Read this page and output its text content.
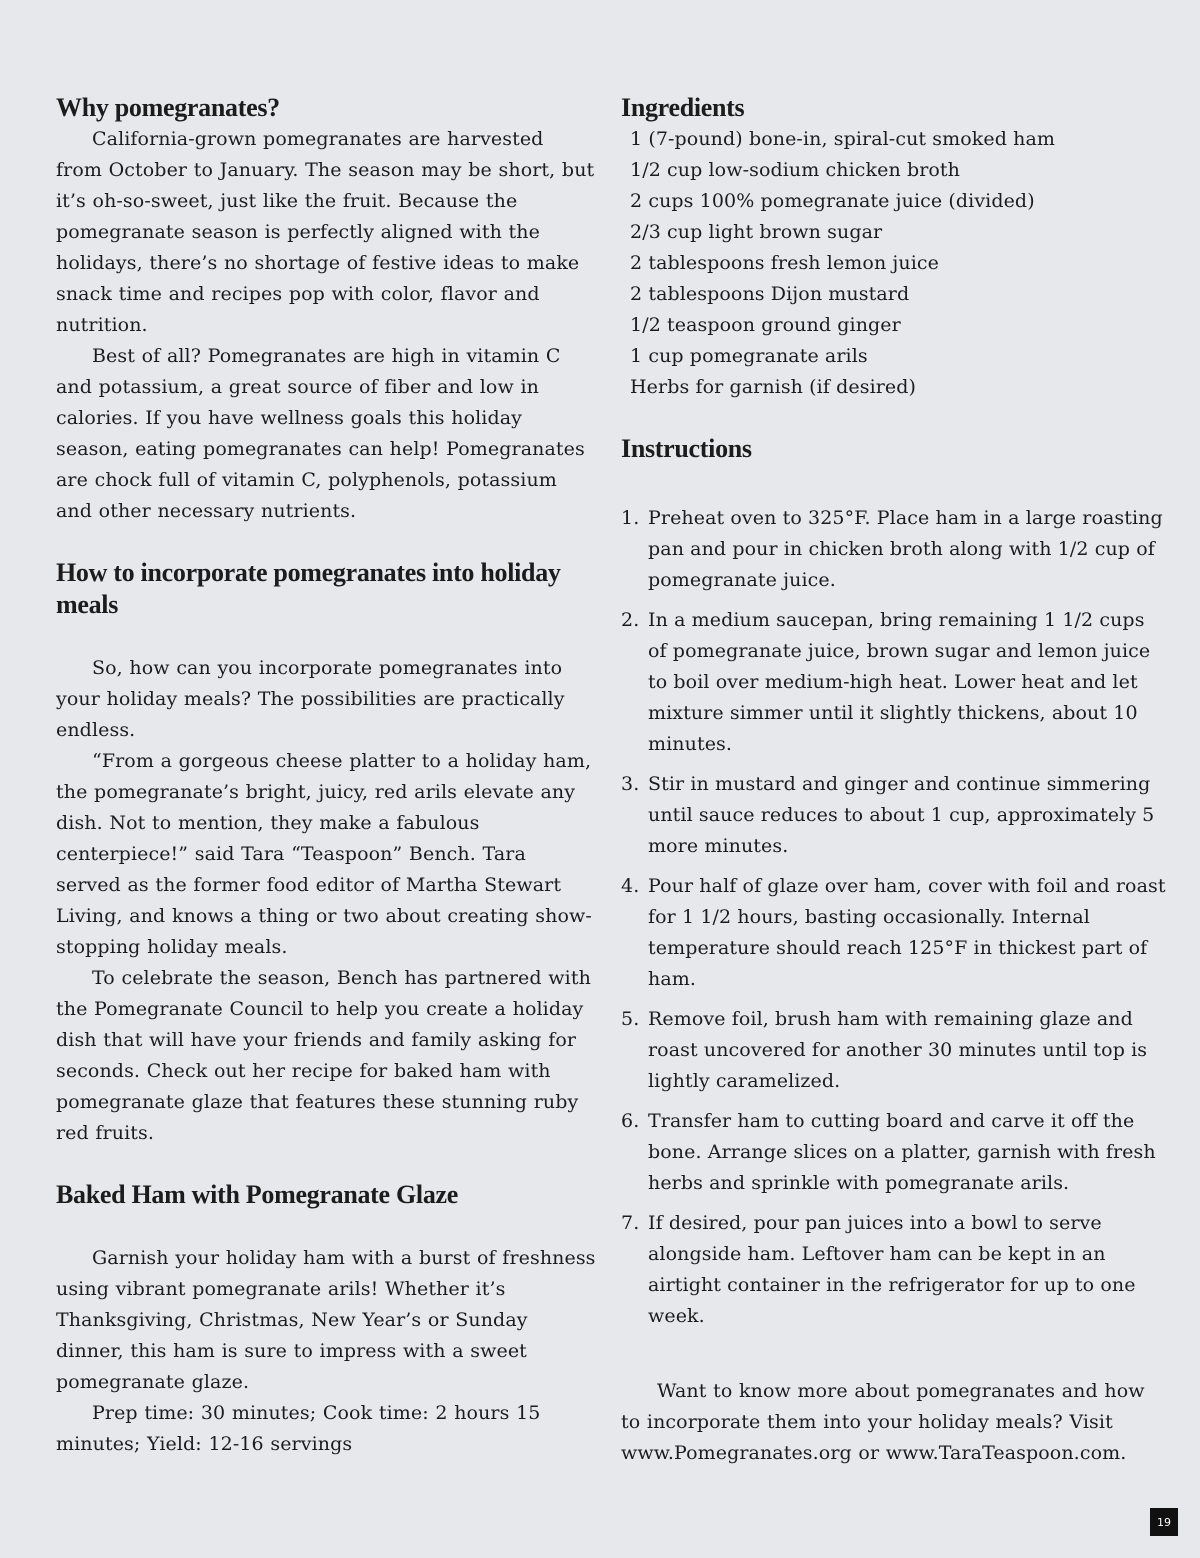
Why pomegranates?

California-grown pomegranates are harvested from October to January. The season may be short, but it’s oh-so-sweet, just like the fruit. Because the pomegranate season is perfectly aligned with the holidays, there’s no shortage of festive ideas to make snack time and recipes pop with color, flavor and nutrition.

Best of all? Pomegranates are high in vitamin C and potassium, a great source of fiber and low in calories. If you have wellness goals this holiday season, eating pomegranates can help! Pomegranates are chock full of vitamin C, polyphenols, potassium and other necessary nutrients.

How to incorporate pomegranates into holiday meals

So, how can you incorporate pomegranates into your holiday meals? The possibilities are practically endless.

“From a gorgeous cheese platter to a holiday ham, the pomegranate’s bright, juicy, red arils elevate any dish. Not to mention, they make a fabulous centerpiece!” said Tara “Teaspoon” Bench. Tara served as the former food editor of Martha Stewart Living, and knows a thing or two about creating show-stopping holiday meals.

To celebrate the season, Bench has partnered with the Pomegranate Council to help you create a holiday dish that will have your friends and family asking for seconds. Check out her recipe for baked ham with pomegranate glaze that features these stunning ruby red fruits.

Baked Ham with Pomegranate Glaze

Garnish your holiday ham with a burst of freshness using vibrant pomegranate arils! Whether it’s Thanksgiving, Christmas, New Year’s or Sunday dinner, this ham is sure to impress with a sweet pomegranate glaze.

Prep time: 30 minutes; Cook time: 2 hours 15 minutes; Yield: 12-16 servings

Ingredients
1 (7-pound) bone-in, spiral-cut smoked ham
1/2 cup low-sodium chicken broth
2 cups 100% pomegranate juice (divided)
2/3 cup light brown sugar
2 tablespoons fresh lemon juice
2 tablespoons Dijon mustard
1/2 teaspoon ground ginger
1 cup pomegranate arils
Herbs for garnish (if desired)
Instructions
1. Preheat oven to 325°F. Place ham in a large roasting pan and pour in chicken broth along with 1/2 cup of pomegranate juice.
2. In a medium saucepan, bring remaining 1 1/2 cups of pomegranate juice, brown sugar and lemon juice to boil over medium-high heat. Lower heat and let mixture simmer until it slightly thickens, about 10 minutes.
3. Stir in mustard and ginger and continue simmering until sauce reduces to about 1 cup, approximately 5 more minutes.
4. Pour half of glaze over ham, cover with foil and roast for 1 1/2 hours, basting occasionally. Internal temperature should reach 125°F in thickest part of ham.
5. Remove foil, brush ham with remaining glaze and roast uncovered for another 30 minutes until top is lightly caramelized.
6. Transfer ham to cutting board and carve it off the bone. Arrange slices on a platter, garnish with fresh herbs and sprinkle with pomegranate arils.
7. If desired, pour pan juices into a bowl to serve alongside ham. Leftover ham can be kept in an airtight container in the refrigerator for up to one week.

Want to know more about pomegranates and how to incorporate them into your holiday meals? Visit www.Pomegranates.org or www.TaraTeaspoon.com.

19
